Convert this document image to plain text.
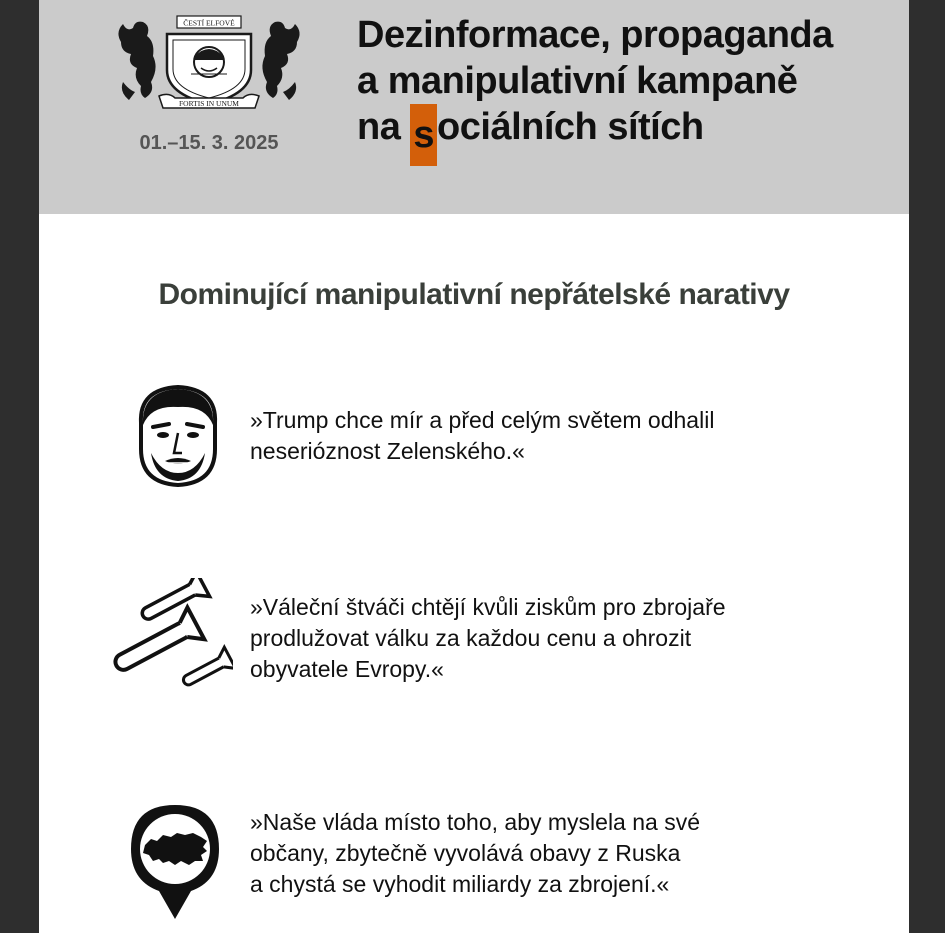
ČESTÍ ELFOVÉ
FORTIS IN UNUM
01.–15. 3. 2025
Dezinformace, propaganda
a manipulativní kampaně
na sociálních sítích
Dominující manipulativní nepřátelské narativy
»Trump chce mír a před celým světem odhalil
neserióznost Zelenského.«
»Váleční štváči chtějí kvůli ziskům pro zbrojaře
prodlužovat válku za každou cenu a ohrozit
obyvatele Evropy.«
»Naše vláda místo toho, aby myslela na své
občany, zbytečně vyvolává obavy z Ruska
a chystá se vyhodit miliardy za zbrojení.«
